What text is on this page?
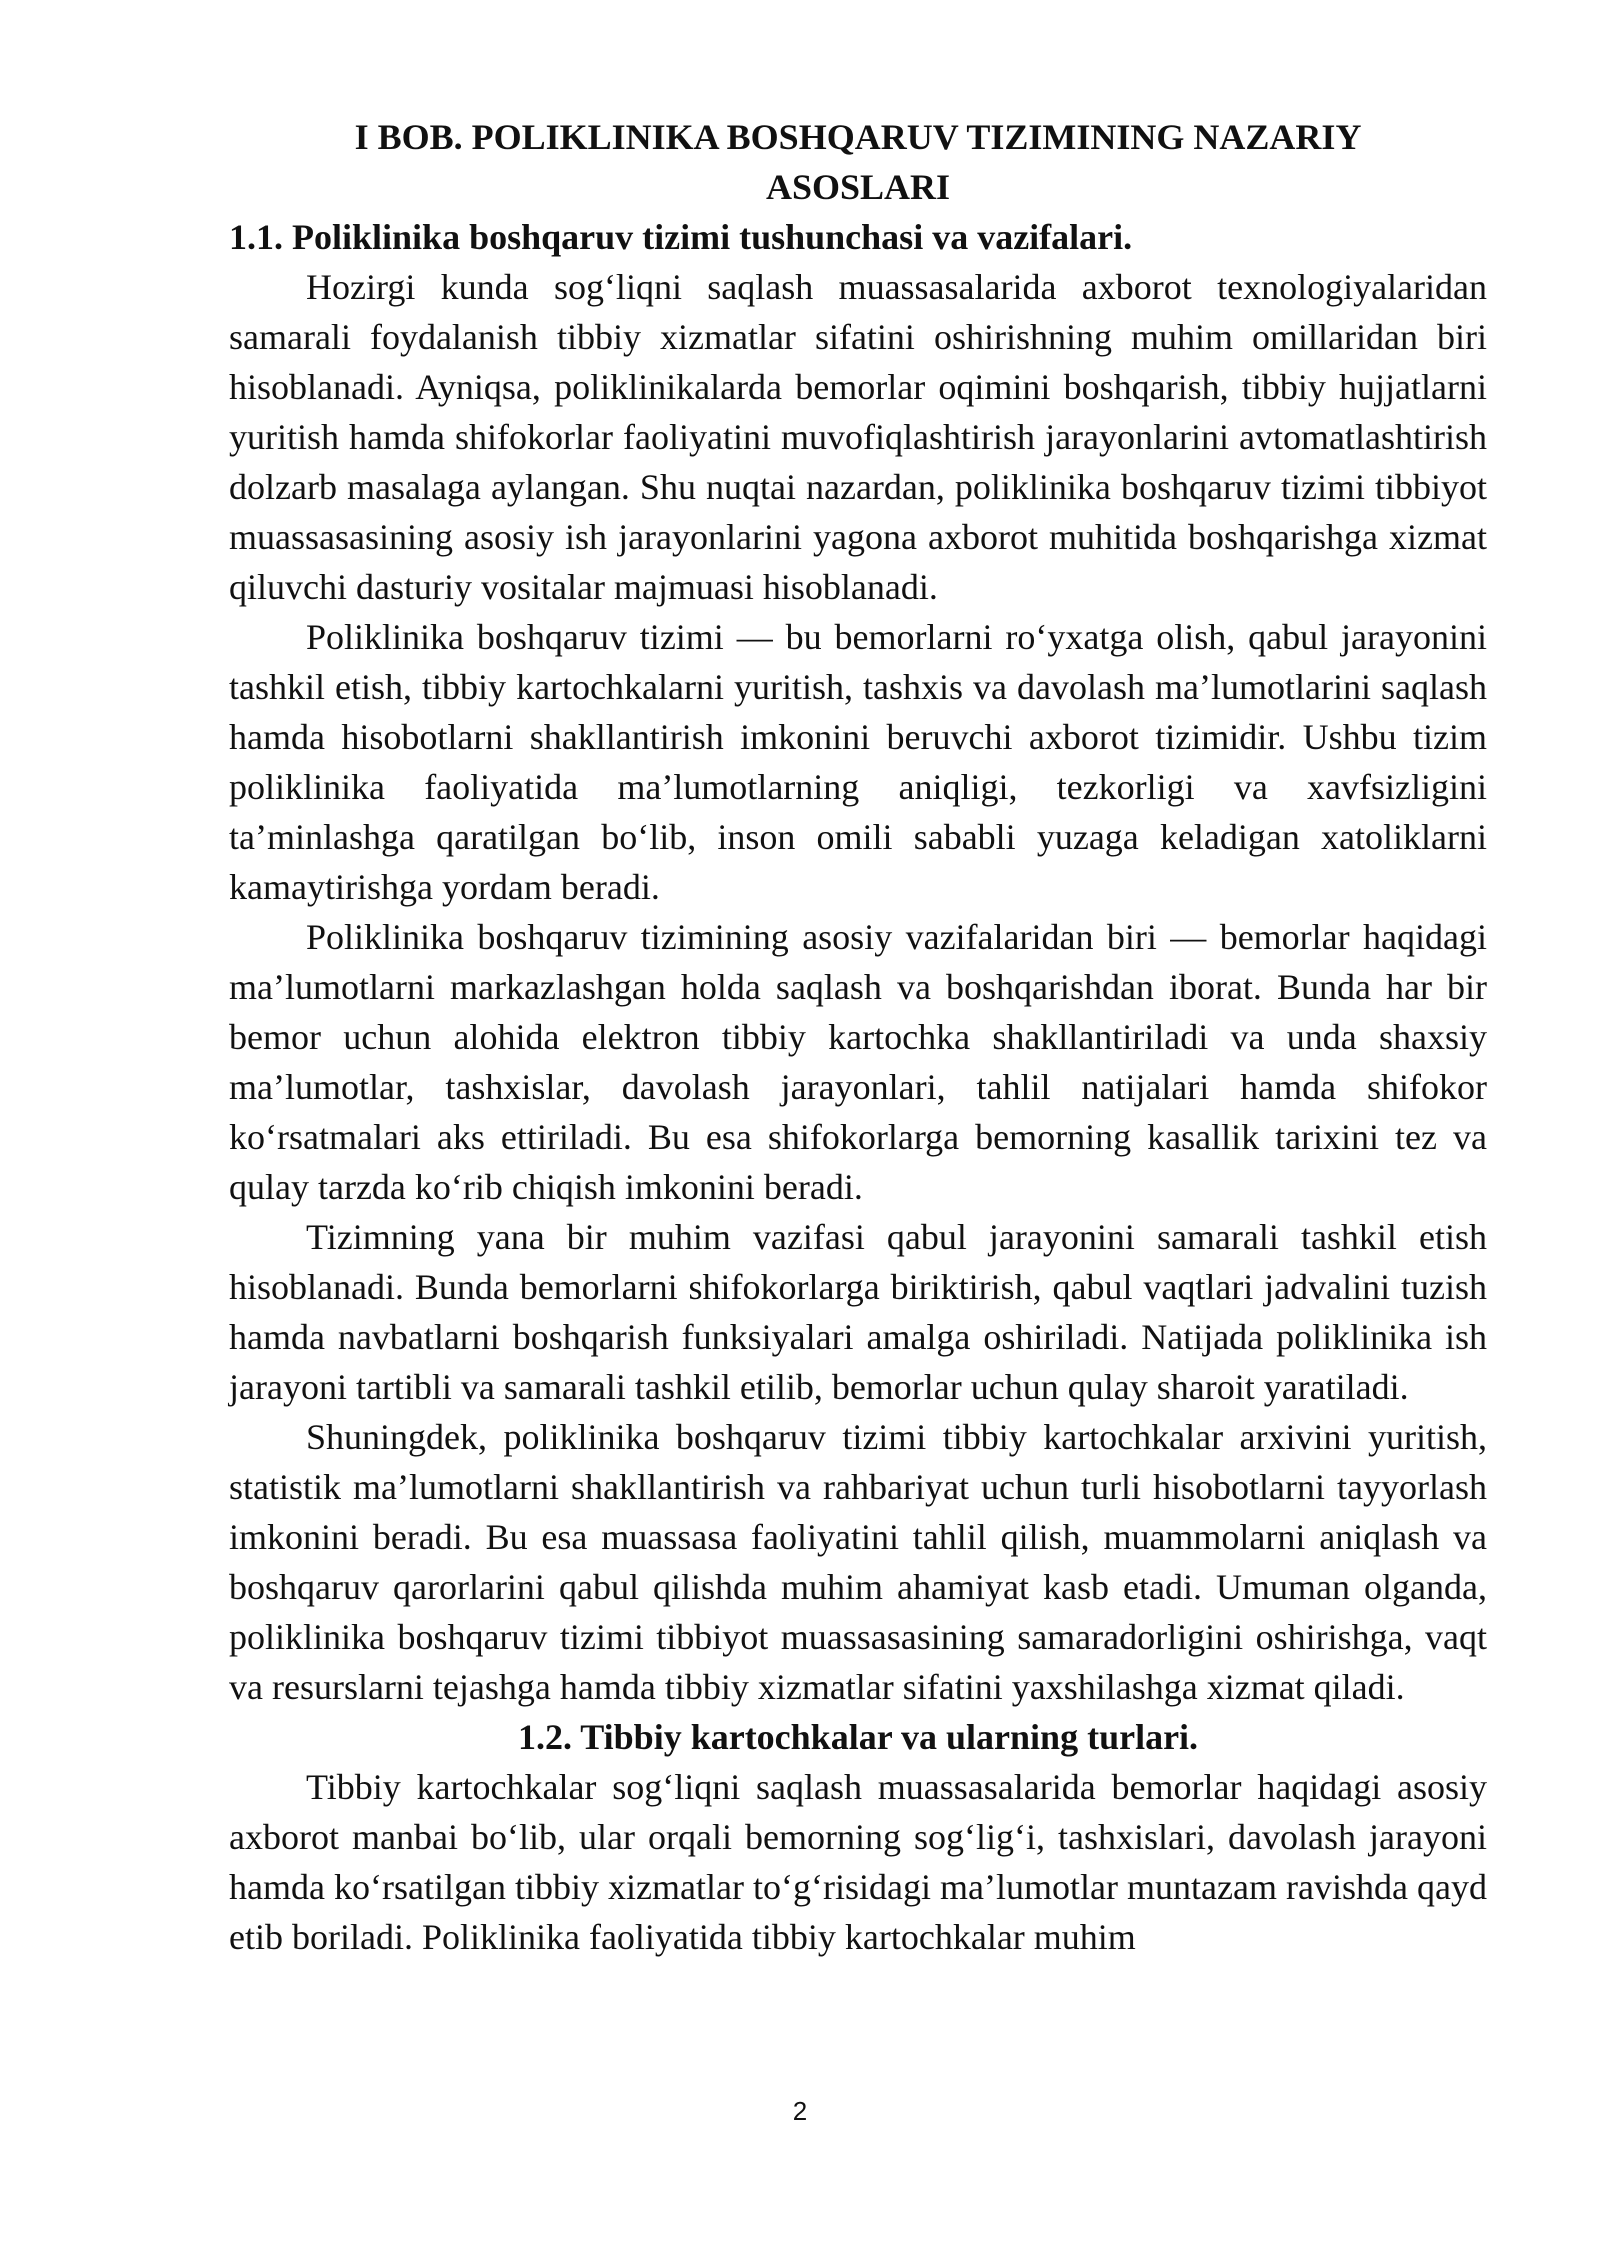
I BOB. POLIKLINIKA BOSHQARUV TIZIMINING NAZARIY

ASOSLARI

1.1. Poliklinika boshqaruv tizimi tushunchasi va vazifalari.

Hozirgi kunda sog‘liqni saqlash muassasalarida axborot texnologiyalaridan samarali foydalanish tibbiy xizmatlar sifatini oshirishning muhim omillaridan biri hisoblanadi. Ayniqsa, poliklinikalarda bemorlar oqimini boshqarish, tibbiy hujjatlarni yuritish hamda shifokorlar faoliyatini muvofiqlashtirish jarayonlarini avtomatlashtirish dolzarb masalaga aylangan. Shu nuqtai nazardan, poliklinika boshqaruv tizimi tibbiyot muassasasining asosiy ish jarayonlarini yagona axborot muhitida boshqarishga xizmat qiluvchi dasturiy vositalar majmuasi hisoblanadi.

Poliklinika boshqaruv tizimi — bu bemorlarni ro‘yxatga olish, qabul jarayonini tashkil etish, tibbiy kartochkalarni yuritish, tashxis va davolash ma’lumotlarini saqlash hamda hisobotlarni shakllantirish imkonini beruvchi axborot tizimidir. Ushbu tizim poliklinika faoliyatida ma’lumotlarning aniqligi, tezkorligi va xavfsizligini ta’minlashga qaratilgan bo‘lib, inson omili sababli yuzaga keladigan xatoliklarni kamaytirishga yordam beradi.

Poliklinika boshqaruv tizimining asosiy vazifalaridan biri — bemorlar haqidagi ma’lumotlarni markazlashgan holda saqlash va boshqarishdan iborat. Bunda har bir bemor uchun alohida elektron tibbiy kartochka shakllantiriladi va unda shaxsiy ma’lumotlar, tashxislar, davolash jarayonlari, tahlil natijalari hamda shifokor ko‘rsatmalari aks ettiriladi. Bu esa shifokorlarga bemorning kasallik tarixini tez va qulay tarzda ko‘rib chiqish imkonini beradi.

Tizimning yana bir muhim vazifasi qabul jarayonini samarali tashkil etish hisoblanadi. Bunda bemorlarni shifokorlarga biriktirish, qabul vaqtlari jadvalini tuzish hamda navbatlarni boshqarish funksiyalari amalga oshiriladi. Natijada poliklinika ish jarayoni tartibli va samarali tashkil etilib, bemorlar uchun qulay sharoit yaratiladi.

Shuningdek, poliklinika boshqaruv tizimi tibbiy kartochkalar arxivini yuritish, statistik ma’lumotlarni shakllantirish va rahbariyat uchun turli hisobotlarni tayyorlash imkonini beradi. Bu esa muassasa faoliyatini tahlil qilish, muammolarni aniqlash va boshqaruv qarorlarini qabul qilishda muhim ahamiyat kasb etadi. Umuman olganda, poliklinika boshqaruv tizimi tibbiyot muassasasining samaradorligini oshirishga, vaqt va resurslarni tejashga hamda tibbiy xizmatlar sifatini yaxshilashga xizmat qiladi.

1.2. Tibbiy kartochkalar va ularning turlari.

Tibbiy kartochkalar sog‘liqni saqlash muassasalarida bemorlar haqidagi asosiy axborot manbai bo‘lib, ular orqali bemorning sog‘lig‘i, tashxislari, davolash jarayoni hamda ko‘rsatilgan tibbiy xizmatlar to‘g‘risidagi ma’lumotlar muntazam ravishda qayd etib boriladi. Poliklinika faoliyatida tibbiy kartochkalar muhim

2
